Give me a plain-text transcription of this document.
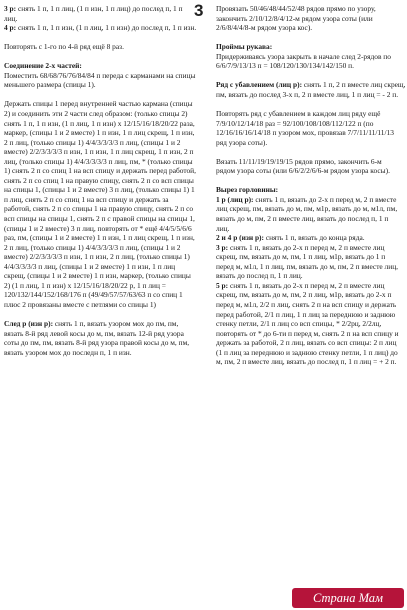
3

3 р: снять 1 п, 1 п лиц, (1 п изн, 1 п лиц) до послед п, 1 п

лиц.

4 р: снять 1 п, 1 п изн, (1 п лиц, 1 п изн) до послед п, 1 п изн.

Повторять с 1-го по 4-й ряд ещё 8 раз.

Соединение 2-х частей:

Поместить 68/68/76/76/84/84 п переда с карманами на спицы

меньшего размера (спицы 1).

Держать спицы 1 перед внутренней частью кармана (спицы

2) и соединить эти 2 части след образом: (только спицы 2)

снять 1 п, 1 п изн, (1 п лиц, 1 п изн) х 12/15/16/18/20/22 раза,

маркер, (спицы 1 и 2 вместе) 1 п изн, 1 п лиц скрещ, 1 п изн,

2 п лиц, (только спицы 1) 4/4/3/3/3/3 п лиц, (спицы 1 и 2

вместе) 2/2/3/3/3/3 п изн, 1 п изн, 1 п лиц скрещ, 1 п изн, 2 п

лиц, (только спицы 1) 4/4/3/3/3/3 п лиц, пм, * (только спицы

1) снять 2 п со спиц 1 на всп спицу и держать перед работой,

снять 2 п со спиц 1 на правую спицу, снять 2 п со всп спицы

на спицы 1, (спицы 1 и 2 вместе) 3 п лиц, (только спицы 1) 1

п лиц, снять 2 п со спиц 1 на всп спицу и держать за

работой, снять 2 п со спицы 1 на правую спицу, снять 2 п со

всп спицы на спицы 1, снять 2 п с правой спицы на спицы 1,

(спицы 1 и 2 вместе) 3 п лиц, повторять от * ещё 4/4/5/5/6/6

раз, пм, (спицы 1 и 2 вместе) 1 п изн, 1 п лиц скрещ, 1 п изн,

2 п лиц, (только спицы 1) 4/4/3/3/3/3 п лиц, (спицы 1 и 2

вместе) 2/2/3/3/3/3 п изн, 1 п изн, 2 п лиц, (только спицы 1)

4/4/3/3/3/3 п лиц, (спицы 1 и 2 вместе) 1 п изн, 1 п лиц

скрещ, (спицы 1 и 2 вместе) 1 п изн, маркер, (только спицы

2) (1 п лиц, 1 п изн) х 12/15/16/18/20/22 р, 1 п лиц =

120/132/144/152/168/176 п (49/49/57/57/63/63 п со спиц 1

плюс 2 провязаны вместе с петлями со спицы 1)

След р (изн р): снять 1 п, вязать узором мох до пм, пм,

вязать 8-й ряд левой косы до м, пм, вязать 12-й ряд узора

соты до пм, пм, вязать 8-й ряд узора правой косы до м, пм,

вязать узором мох до последн п, 1 п изн.

Провязать 50/46/48/44/52/48 рядов прямо по узору,

закончить 2/10/12/8/4/12-м рядом узора соты (или

2/6/8/4/4/8-м рядом узора кос).

Проймы рукава:

Придерживаясь узора закрыть в начале след 2-рядов по

6/6/7/9/13/13 п = 108/120/130/134/142/150 п.

Ряд с убавлением (лиц р): снять 1 п, 2 п вместе лиц скрещ,

пм, вязать до послед 3-х п, 2 п вместе лиц, 1 п лиц = - 2 п.

Повторять ряд с убавлением в каждом лиц ряду ещё

7/9/10/12/14/18 раз = 92/100/108/108/112/122 п (по

12/16/16/16/14/18 п узором мох, провязав 7/7/11/11/11/13

ряд узора соты).

Вязать 11/11/19/19/19/15 рядов прямо, закончить 6-м

рядом узора соты (или 6/6/2/2/6/6-м рядом узора косы).

Вырез горловины:

1 р (лиц р): снять 1 п, вязать до 2-х п перед м, 2 п вместе

лиц скрещ, пм, вязать до м, пм, м1р, вязать до м, м1л, пм,

вязать до м, пм, 2 п вместе лиц, вязать до послед п, 1 п

лиц.

2 и 4 р (изн р): снять 1 п, вязать до конца ряда.

3 р: снять 1 п, вязать до 2-х п перед м, 2 п вместе лиц

скрещ, пм, вязать до м, пм, 1 п лиц, м1р, вязать до 1 п

перед м, м1л, 1 п лиц, пм, вязать до м, пм, 2 п вместе лиц,

вязать до послед п, 1 п лиц.

5 р: снять 1 п, вязать до 2-х п перед м, 2 п вместе лиц

скрещ, пм, вязать до м, пм, 2 п лиц, м1р, вязать до 2-х п

перед м, м1л, 2/2 п лиц, снять 2 п на всп спицу и держать

перед работой, 2/1 п лиц, 1 п лиц за переднюю и заднюю

стенку петли, 2/1 п лиц со всп спицы, * 2/2рц, 2/2лц,

повторять от * до 6-ти п перед м, снять 2 п на всп спицу и

держать за работой, 2 п лиц, вязать со всп спицы: 2 п лиц

(1 п лиц за переднюю и заднюю стенку петли, 1 п лиц) до

м, пм, 2 п вместе лиц, вязать до послед п, 1 п лиц = + 2 п.

Страна Мам
